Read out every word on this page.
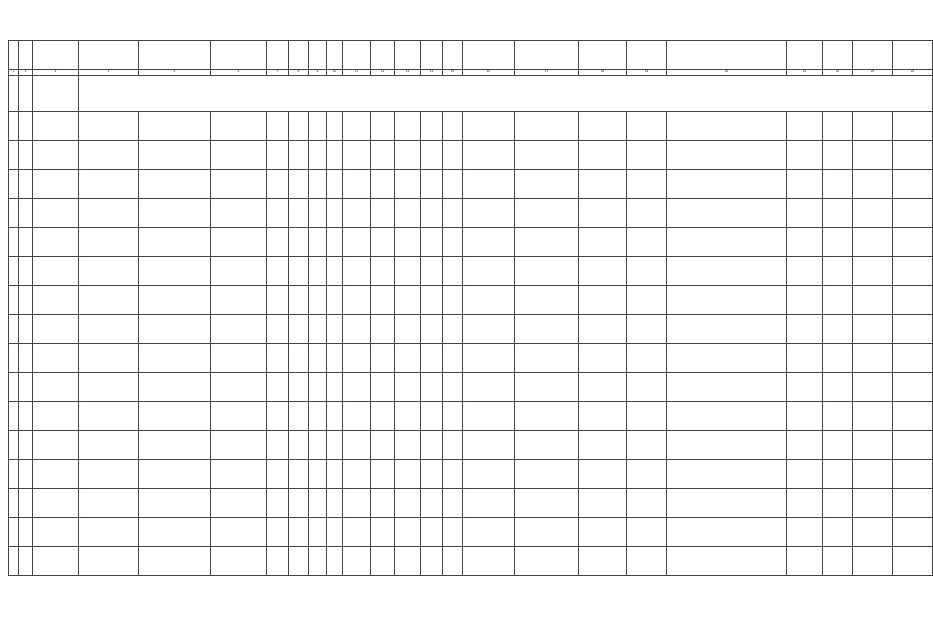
1	2	3	4	5	6	7	8	9	10	11	12	13	14	15	16	17	18	19	20	21	22	23	24

·	·	·	·	·	·	·	·	·	·	·	·	·	·	·	·	·	·	·	·	·	·	·	·
·	·	·	·	·	·	·	·	·	·	·	·	·	·	·	·	·	·	·	·	·	·	·	·
·	·	·	·	·	·	·	·	·	·	·	·	·	·	·	·	·	·	·	·	·	·	·	·
·	·	·	·	·	·	·	·	·	·	·	·	·	·	·	·	·	·	·	·	·	·	·	·
·	·	·	·	·	·	·	·	·	·	·	·	·	·	·	·	·	·	·	·	·	·	·	·
·	·	·	·	·	·	·	·	·	·	·	·	·	·	·	·	·	·	·	·	·	·	·	·
·	·	·	·	·	·	·	·	·	·	·	·	·	·	·	·	·	·	·	·	·	·	·	·
·	·	·	·	·	·	·	·	·	·	·	·	·	·	·	·	·	·	·	·	·	·	·	·
·	·	·	·	·	·	·	·	·	·	·	·	·	·	·	·	·	·	·	·	·	·	·	·
·	·	·	·	·	·	·	·	·	·	·	·	·	·	·	·	·	·	·	·	·	·	·	·
·	·	·	·	·	·	·	·	·	·	·	·	·	·	·	·	·	·	·	·	·	·	·	·
·	·	·	·	·	·	·	·	·	·	·	·	·	·	·	·	·	·	·	·	·	·	·	·
·	·	·	·	·	·	·	·	·	·	·	·	·	·	·	·	·	·	·	·	·	·	·	·
·	·	·	·	·	·	·	·	·	·	·	·	·	·	·	·	·	·	·	·	·	·	·	·
·	·	·	·	·	·	·	·	·	·	·	·	·	·	·	·	·	·	·	·	·	·	·	·
·	·	·	·	·	·	·	·	·	·	·	·	·	·	·	·	·	·	·	·	·	·	·	·
